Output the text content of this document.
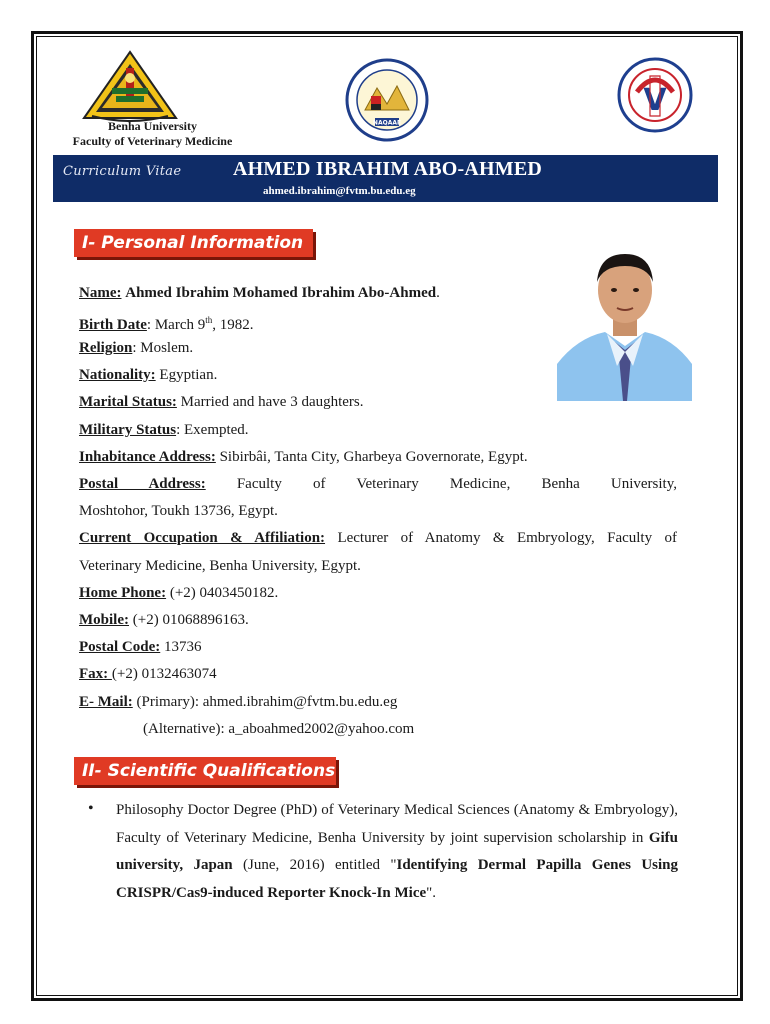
Benha University
Faculty of Veterinary Medicine
NAQAAE
V
Curriculum Vitae	AHMED IBRAHIM ABO-AHMED
ahmed.ibrahim@fvtm.bu.edu.eg
I- Personal Information
Name: Ahmed Ibrahim Mohamed Ibrahim Abo-Ahmed.
Birth Date: March 9th, 1982.
Religion: Moslem.
Nationality: Egyptian.
Marital Status: Married and have 3 daughters.
Military Status: Exempted.
Inhabitance Address: Sibirbâi, Tanta City, Gharbeya Governorate, Egypt.
Postal Address: Faculty of Veterinary Medicine, Benha University,
Moshtohor, Toukh 13736, Egypt.
Current Occupation & Affiliation: Lecturer of Anatomy & Embryology, Faculty of
Veterinary Medicine, Benha University, Egypt.
Home Phone: (+2) 0403450182.
Mobile: (+2) 01068896163.
Postal Code: 13736
Fax: (+2) 0132463074
E- Mail: (Primary): ahmed.ibrahim@fvtm.bu.edu.eg
(Alternative): a_aboahmed2002@yahoo.com
II- Scientific Qualifications
• Philosophy Doctor Degree (PhD) of Veterinary Medical Sciences (Anatomy & Embryology), Faculty of Veterinary Medicine, Benha University by joint supervision scholarship in Gifu university, Japan (June, 2016) entitled "Identifying Dermal Papilla Genes Using CRISPR/Cas9-induced Reporter Knock-In Mice".
